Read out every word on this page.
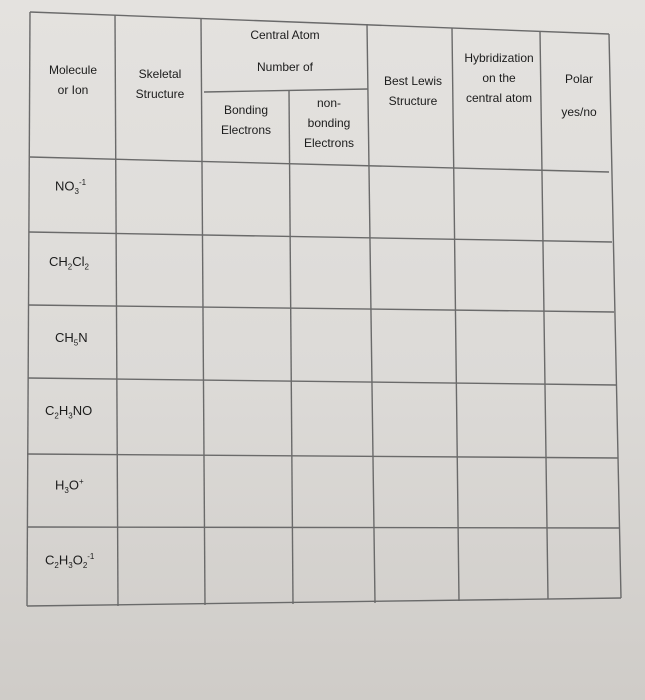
Molecule
or Ion
Skeletal
Structure
Central Atom
Number of
Bonding
Electrons
non-
bonding
Electrons
Best Lewis
Structure
Hybridization
on the
central atom
Polar
yes/no
$NO_3^{-1}$
$CH_2Cl_2$
$CH_5N$
$C_2H_3NO$
$H_3O^+$
$C_2H_3O_2^{-1}$
